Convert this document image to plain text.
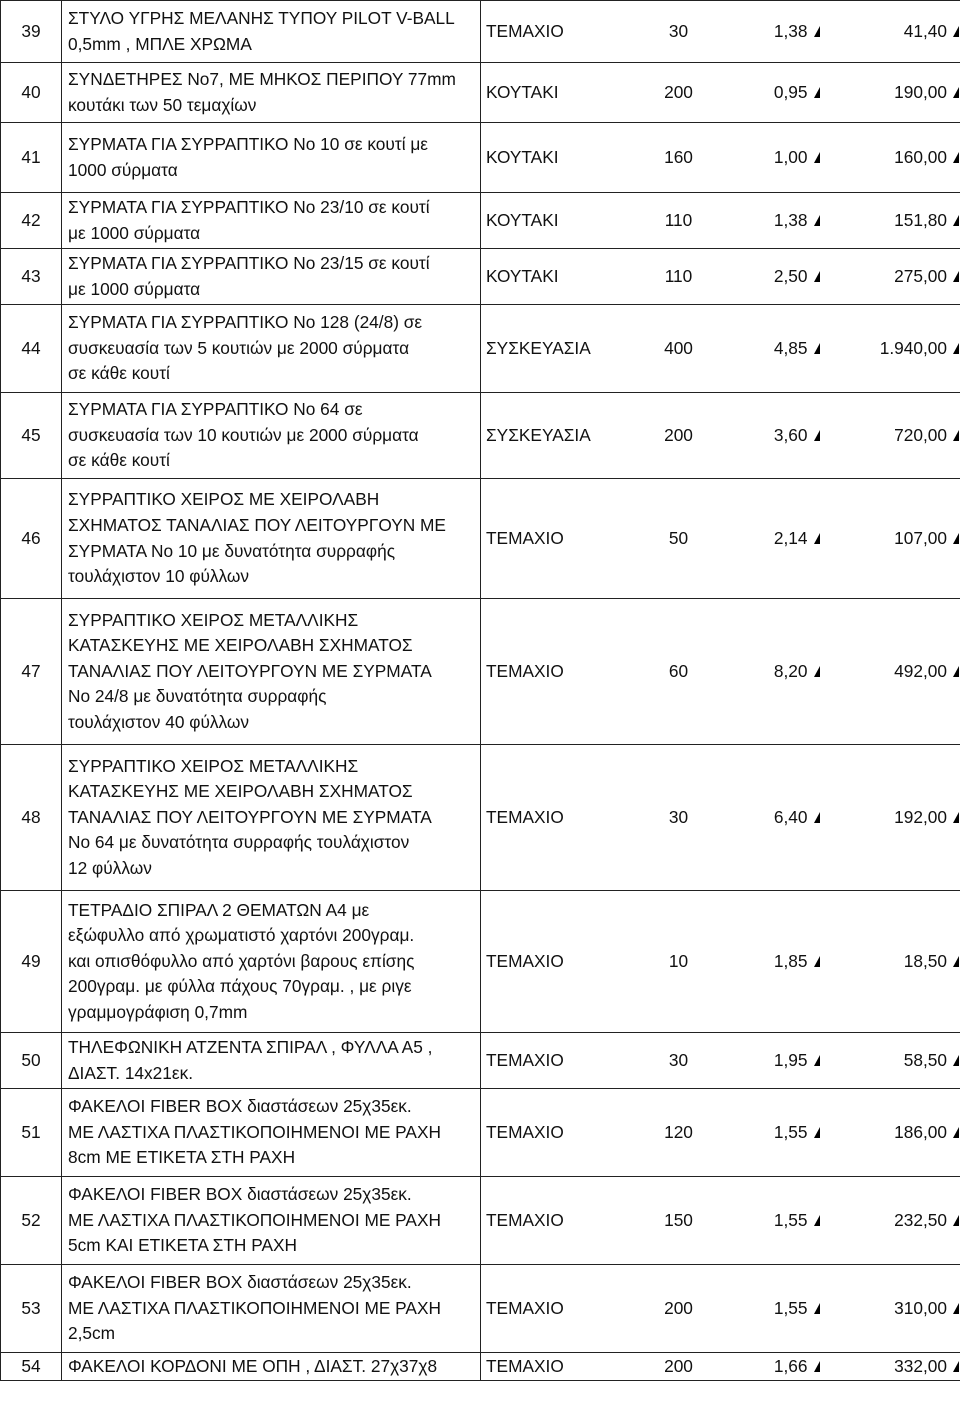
39	ΣΤΥΛΟ ΥΓΡΗΣ ΜΕΛΑΝΗΣ ΤΥΠΟΥ PILOT V-BALL
0,5mm , ΜΠΛΕ ΧΡΩΜΑ	ΤΕΜΑΧΙΟ	30	1,38	41,40

40	ΣΥΝΔΕΤΗΡΕΣ Νο7, ΜΕ ΜΗΚΟΣ ΠΕΡΙΠΟΥ 77mm
κουτάκι των 50 τεμαχίων	ΚΟΥΤΑΚΙ	200	0,95	190,00

41	ΣΥΡΜΑΤΑ ΓΙΑ ΣΥΡΡΑΠΤΙΚΟ Νο 10 σε κουτί με
1000 σύρματα	ΚΟΥΤΑΚΙ	160	1,00	160,00

42	ΣΥΡΜΑΤΑ ΓΙΑ ΣΥΡΡΑΠΤΙΚΟ Νο 23/10 σε κουτί
με 1000 σύρματα	ΚΟΥΤΑΚΙ	110	1,38	151,80

43	ΣΥΡΜΑΤΑ ΓΙΑ ΣΥΡΡΑΠΤΙΚΟ Νο 23/15 σε κουτί
με 1000 σύρματα	ΚΟΥΤΑΚΙ	110	2,50	275,00

44	ΣΥΡΜΑΤΑ ΓΙΑ ΣΥΡΡΑΠΤΙΚΟ Νο 128 (24/8) σε
συσκευασία των 5 κουτιών με 2000 σύρματα
σε κάθε κουτί	ΣΥΣΚΕΥΑΣΙΑ	400	4,85	1.940,00

45	ΣΥΡΜΑΤΑ ΓΙΑ ΣΥΡΡΑΠΤΙΚΟ Νο 64 σε
συσκευασία των 10 κουτιών με 2000 σύρματα
σε κάθε κουτί	ΣΥΣΚΕΥΑΣΙΑ	200	3,60	720,00

46	ΣΥΡΡΑΠΤΙΚΟ ΧΕΙΡΟΣ ΜΕ ΧΕΙΡΟΛΑΒΗ
ΣΧΗΜΑΤΟΣ ΤΑΝΑΛΙΑΣ ΠΟΥ ΛΕΙΤΟΥΡΓΟΥΝ ΜΕ
ΣΥΡΜΑΤΑ Νο 10 με δυνατότητα συρραφής
τουλάχιστον 10 φύλλων	ΤΕΜΑΧΙΟ	50	2,14	107,00

47	ΣΥΡΡΑΠΤΙΚΟ ΧΕΙΡΟΣ ΜΕΤΑΛΛΙΚΗΣ
ΚΑΤΑΣΚΕΥΗΣ ΜΕ ΧΕΙΡΟΛΑΒΗ ΣΧΗΜΑΤΟΣ
ΤΑΝΑΛΙΑΣ ΠΟΥ ΛΕΙΤΟΥΡΓΟΥΝ ΜΕ ΣΥΡΜΑΤΑ
Νο 24/8 με δυνατότητα συρραφής
τουλάχιστον 40 φύλλων	ΤΕΜΑΧΙΟ	60	8,20	492,00

48	ΣΥΡΡΑΠΤΙΚΟ ΧΕΙΡΟΣ ΜΕΤΑΛΛΙΚΗΣ
ΚΑΤΑΣΚΕΥΗΣ ΜΕ ΧΕΙΡΟΛΑΒΗ ΣΧΗΜΑΤΟΣ
ΤΑΝΑΛΙΑΣ ΠΟΥ ΛΕΙΤΟΥΡΓΟΥΝ ΜΕ ΣΥΡΜΑΤΑ
Νο 64 με δυνατότητα συρραφής τουλάχιστον
12 φύλλων	ΤΕΜΑΧΙΟ	30	6,40	192,00

49	ΤΕΤΡΑΔΙΟ ΣΠΙΡΑΛ 2 ΘΕΜΑΤΩΝ Α4 με
εξώφυλλο από χρωματιστό χαρτόνι 200γραμ.
και οπισθόφυλλο από χαρτόνι βαρους επίσης
200γραμ. με φύλλα πάχους 70γραμ. , με ριγε
γραμμογράφιση 0,7mm	ΤΕΜΑΧΙΟ	10	1,85	18,50

50	ΤΗΛΕΦΩΝΙΚΗ ΑΤΖΕΝΤΑ ΣΠΙΡΑΛ , ΦΥΛΛΑ Α5 ,
ΔΙΑΣΤ. 14x21εκ.	ΤΕΜΑΧΙΟ	30	1,95	58,50

51	ΦΑΚΕΛΟΙ FIBER BOX διαστάσεων 25χ35εκ.
ΜΕ ΛΑΣΤΙΧΑ ΠΛΑΣΤΙΚΟΠΟΙΗΜΕΝΟΙ ΜΕ ΡΑΧΗ
8cm ΜΕ ΕΤΙΚΕΤΑ ΣΤΗ ΡΑΧΗ	ΤΕΜΑΧΙΟ	120	1,55	186,00

52	ΦΑΚΕΛΟΙ FIBER BOX διαστάσεων 25χ35εκ.
ΜΕ ΛΑΣΤΙΧΑ ΠΛΑΣΤΙΚΟΠΟΙΗΜΕΝΟΙ ΜΕ ΡΑΧΗ
5cm ΚΑΙ ΕΤΙΚΕΤΑ ΣΤΗ ΡΑΧΗ	ΤΕΜΑΧΙΟ	150	1,55	232,50

53	ΦΑΚΕΛΟΙ FIBER BOX διαστάσεων 25χ35εκ.
ΜΕ ΛΑΣΤΙΧΑ ΠΛΑΣΤΙΚΟΠΟΙΗΜΕΝΟΙ ΜΕ ΡΑΧΗ
2,5cm	ΤΕΜΑΧΙΟ	200	1,55	310,00

54	ΦΑΚΕΛΟΙ ΚΟΡΔΟΝΙ ΜΕ ΟΠΗ , ΔΙΑΣΤ. 27χ37χ8	ΤΕΜΑΧΙΟ	200	1,66	332,00
